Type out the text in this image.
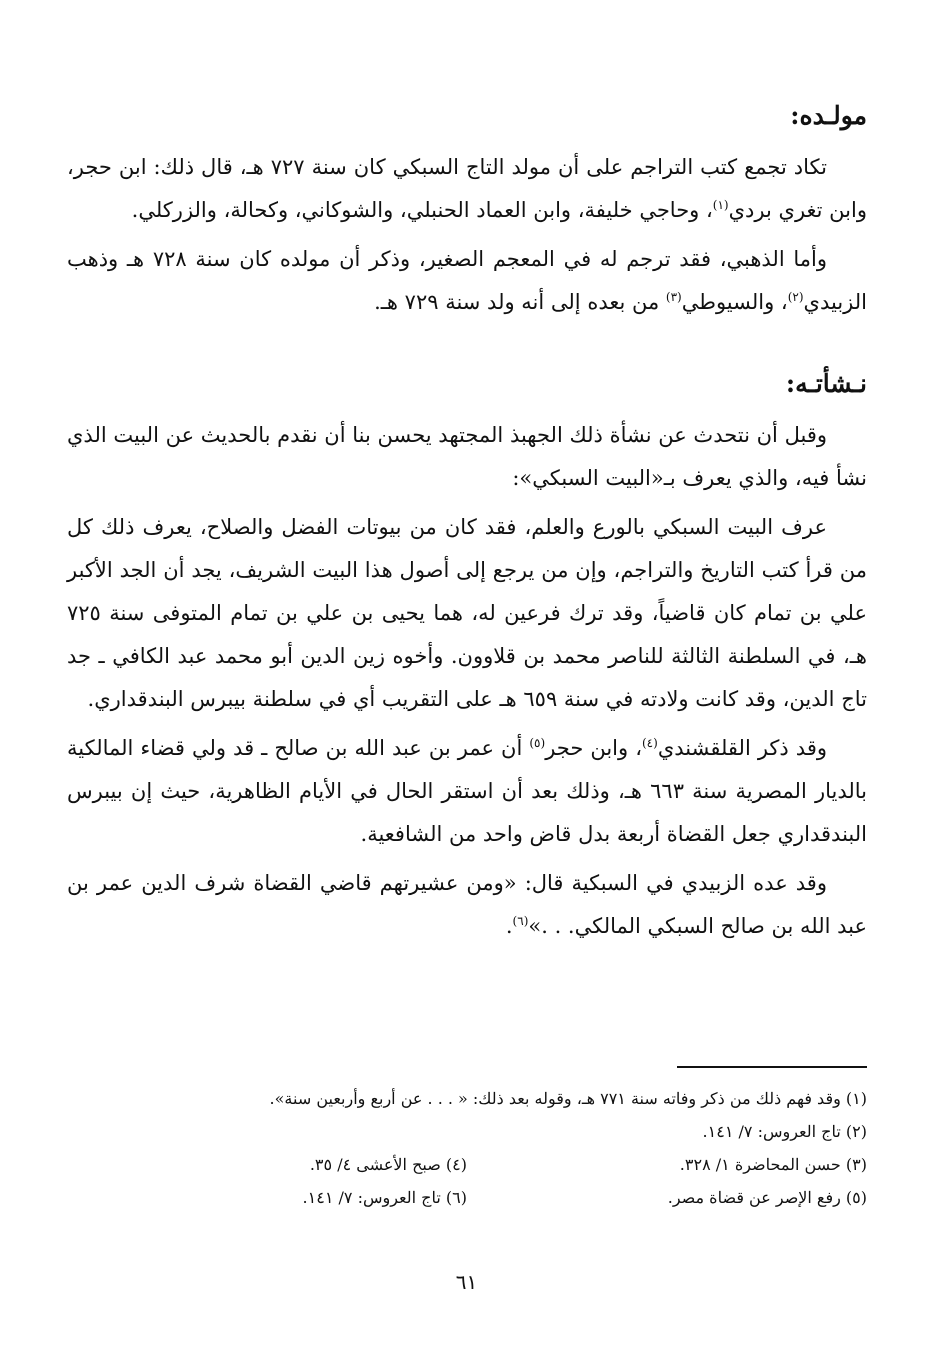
مولـده:

تكاد تجمع كتب التراجم على أن مولد التاج السبكي كان سنة ٧٢٧ هـ، قال ذلك: ابن حجر، وابن تغري بردي$^{(١)}$، وحاجي خليفة، وابن العماد الحنبلي، والشوكاني، وكحالة، والزركلي.

وأما الذهبي، فقد ترجم له في المعجم الصغير، وذكر أن مولده كان سنة ٧٢٨ هـ وذهب الزبيدي$^{(٢)}$، والسيوطي$^{(٣)}$ من بعده إلى أنه ولد سنة ٧٢٩ هـ.

نـشأتـه:

وقبل أن نتحدث عن نشأة ذلك الجهبذ المجتهد يحسن بنا أن نقدم بالحديث عن البيت الذي نشأ فيه، والذي يعرف بـ«البيت السبكي»:

عرف البيت السبكي بالورع والعلم، فقد كان من بيوتات الفضل والصلاح، يعرف ذلك كل من قرأ كتب التاريخ والتراجم، وإن من يرجع إلى أصول هذا البيت الشريف، يجد أن الجد الأكبر علي بن تمام كان قاضياً، وقد ترك فرعين له، هما يحيى بن علي بن تمام المتوفى سنة ٧٢٥ هـ، في السلطنة الثالثة للناصر محمد بن قلاوون. وأخوه زين الدين أبو محمد عبد الكافي ـ جد تاج الدين، وقد كانت ولادته في سنة ٦٥٩ هـ على التقريب أي في سلطنة بيبرس البندقداري.

وقد ذكر القلقشندي$^{(٤)}$، وابن حجر$^{(٥)}$ أن عمر بن عبد الله بن صالح ـ قد ولي قضاء المالكية بالديار المصرية سنة ٦٦٣ هـ، وذلك بعد أن استقر الحال في الأيام الظاهرية، حيث إن بيبرس البندقداري جعل القضاة أربعة بدل قاض واحد من الشافعية.

وقد عده الزبيدي في السبكية قال: «ومن عشيرتهم قاضي القضاة شرف الدين عمر بن عبد الله بن صالح السبكي المالكي. . .»$^{(٦)}$.

(١) وقد فهم ذلك من ذكر وفاته سنة ٧٧١ هـ، وقوله بعد ذلك: « . . . عن أربع وأربعين سنة».
(٢) تاج العروس: ٧/ ١٤١.
(٣) حسن المحاضرة ١/ ٣٢٨.
(٤) صبح الأعشى ٤/ ٣٥.
(٥) رفع الإصر عن قضاة مصر.
(٦) تاج العروس: ٧/ ١٤١.
٦١
